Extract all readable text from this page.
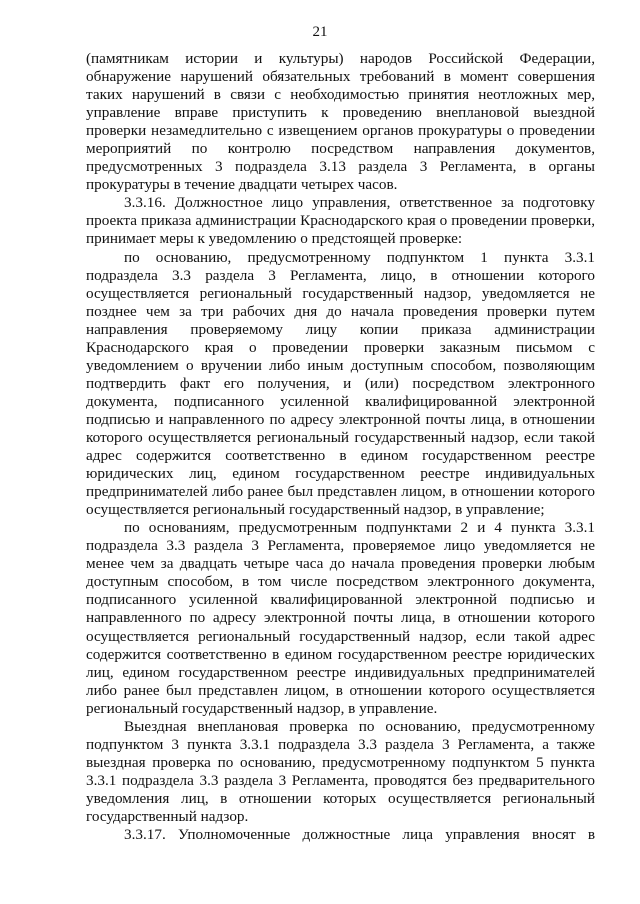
21

(памятникам истории и культуры) народов Российской Федерации, обнаружение нарушений обязательных требований в момент совершения таких нарушений в связи с необходимостью принятия неотложных мер, управление вправе приступить к проведению внеплановой выездной проверки незамедлительно с извещением органов прокуратуры о проведении мероприятий по контролю посредством направления документов, предусмотренных 3 подраздела 3.13 раздела 3 Регламента, в органы прокуратуры в течение двадцати четырех часов.

3.3.16. Должностное лицо управления, ответственное за подготовку проекта приказа администрации Краснодарского края о проведении проверки, принимает меры к уведомлению о предстоящей проверке:

по основанию, предусмотренному подпунктом 1 пункта 3.3.1 подраздела 3.3 раздела 3 Регламента, лицо, в отношении которого осуществляется региональный государственный надзор, уведомляется не позднее чем за три рабочих дня до начала проведения проверки путем направления проверяемому лицу копии приказа администрации Краснодарского края о проведении проверки заказным письмом с уведомлением о вручении либо иным доступным способом, позволяющим подтвердить факт его получения, и (или) посредством электронного документа, подписанного усиленной квалифицированной электронной подписью и направленного по адресу электронной почты лица, в отношении которого осуществляется региональный государственный надзор, если такой адрес содержится соответственно в едином государственном реестре юридических лиц, едином государственном реестре индивидуальных предпринимателей либо ранее был представлен лицом, в отношении которого осуществляется региональный государственный надзор, в управление;

по основаниям, предусмотренным подпунктами 2 и 4 пункта 3.3.1 подраздела 3.3 раздела 3 Регламента, проверяемое лицо уведомляется не менее чем за двадцать четыре часа до начала проведения проверки любым доступным способом, в том числе посредством электронного документа, подписанного усиленной квалифицированной электронной подписью и направленного по адресу электронной почты лица, в отношении которого осуществляется региональный государственный надзор, если такой адрес содержится соответственно в едином государственном реестре юридических лиц, едином государственном реестре индивидуальных предпринимателей либо ранее был представлен лицом, в отношении которого осуществляется региональный государственный надзор, в управление.

Выездная внеплановая проверка по основанию, предусмотренному подпунктом 3 пункта 3.3.1 подраздела 3.3 раздела 3 Регламента, а также выездная проверка по основанию, предусмотренному подпунктом 5 пункта 3.3.1 подраздела 3.3 раздела 3 Регламента, проводятся без предварительного уведомления лиц, в отношении которых осуществляется региональный государственный надзор.

3.3.17. Уполномоченные должностные лица управления вносят в
